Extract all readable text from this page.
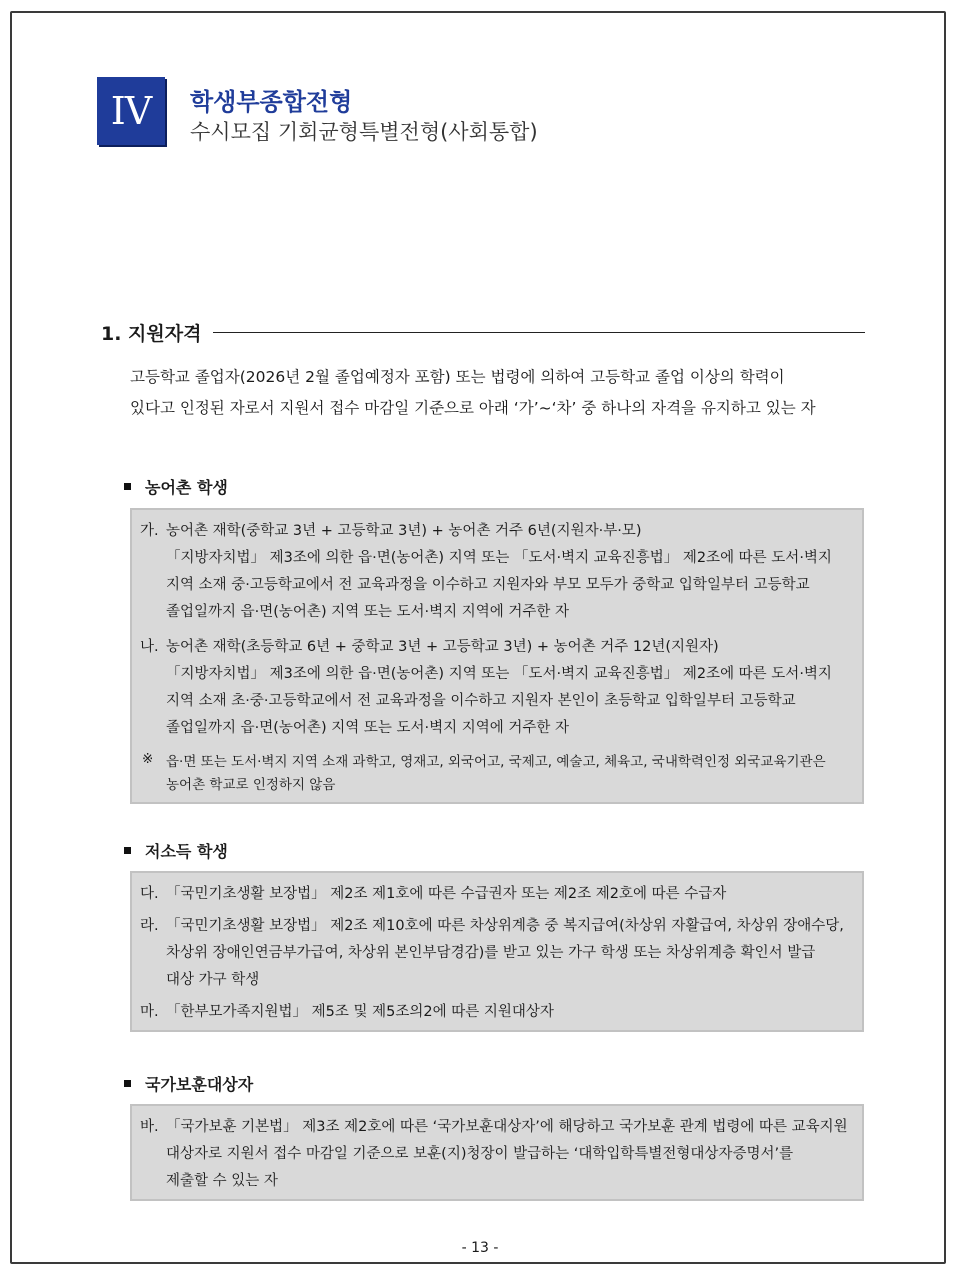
IV 학생부종합전형
수시모집 기회균형특별전형(사회통합)
1. 지원자격

고등학교 졸업자(2026년 2월 졸업예정자 포함) 또는 법령에 의하여 고등학교 졸업 이상의 학력이

있다고 인정된 자로서 지원서 접수 마감일 기준으로 아래 ‘가’~‘차’ 중 하나의 자격을 유지하고 있는 자

농어촌 학생
가. 농어촌 재학(중학교 3년 + 고등학교 3년) + 농어촌 거주 6년(지원자·부·모)
「지방자치법」 제3조에 의한 읍·면(농어촌) 지역 또는 「도서·벽지 교육진흥법」 제2조에 따른 도서·벽지
지역 소재 중·고등학교에서 전 교육과정을 이수하고 지원자와 부모 모두가 중학교 입학일부터 고등학교
졸업일까지 읍·면(농어촌) 지역 또는 도서·벽지 지역에 거주한 자
나. 농어촌 재학(초등학교 6년 + 중학교 3년 + 고등학교 3년) + 농어촌 거주 12년(지원자)
「지방자치법」 제3조에 의한 읍·면(농어촌) 지역 또는 「도서·벽지 교육진흥법」 제2조에 따른 도서·벽지
지역 소재 초·중·고등학교에서 전 교육과정을 이수하고 지원자 본인이 초등학교 입학일부터 고등학교
졸업일까지 읍·면(농어촌) 지역 또는 도서·벽지 지역에 거주한 자
※ 읍·면 또는 도서·벽지 지역 소재 과학고, 영재고, 외국어고, 국제고, 예술고, 체육고, 국내학력인정 외국교육기관은
농어촌 학교로 인정하지 않음
저소득 학생
다. 「국민기초생활 보장법」 제2조 제1호에 따른 수급권자 또는 제2조 제2호에 따른 수급자
라. 「국민기초생활 보장법」 제2조 제10호에 따른 차상위계층 중 복지급여(차상위 자활급여, 차상위 장애수당,
차상위 장애인연금부가급여, 차상위 본인부담경감)를 받고 있는 가구 학생 또는 차상위계층 확인서 발급
대상 가구 학생
마. 「한부모가족지원법」 제5조 및 제5조의2에 따른 지원대상자
국가보훈대상자
바. 「국가보훈 기본법」 제3조 제2호에 따른 ‘국가보훈대상자’에 해당하고 국가보훈 관계 법령에 따른 교육지원
대상자로 지원서 접수 마감일 기준으로 보훈(지)청장이 발급하는 ‘대학입학특별전형대상자증명서’를
제출할 수 있는 자
- 13 -
